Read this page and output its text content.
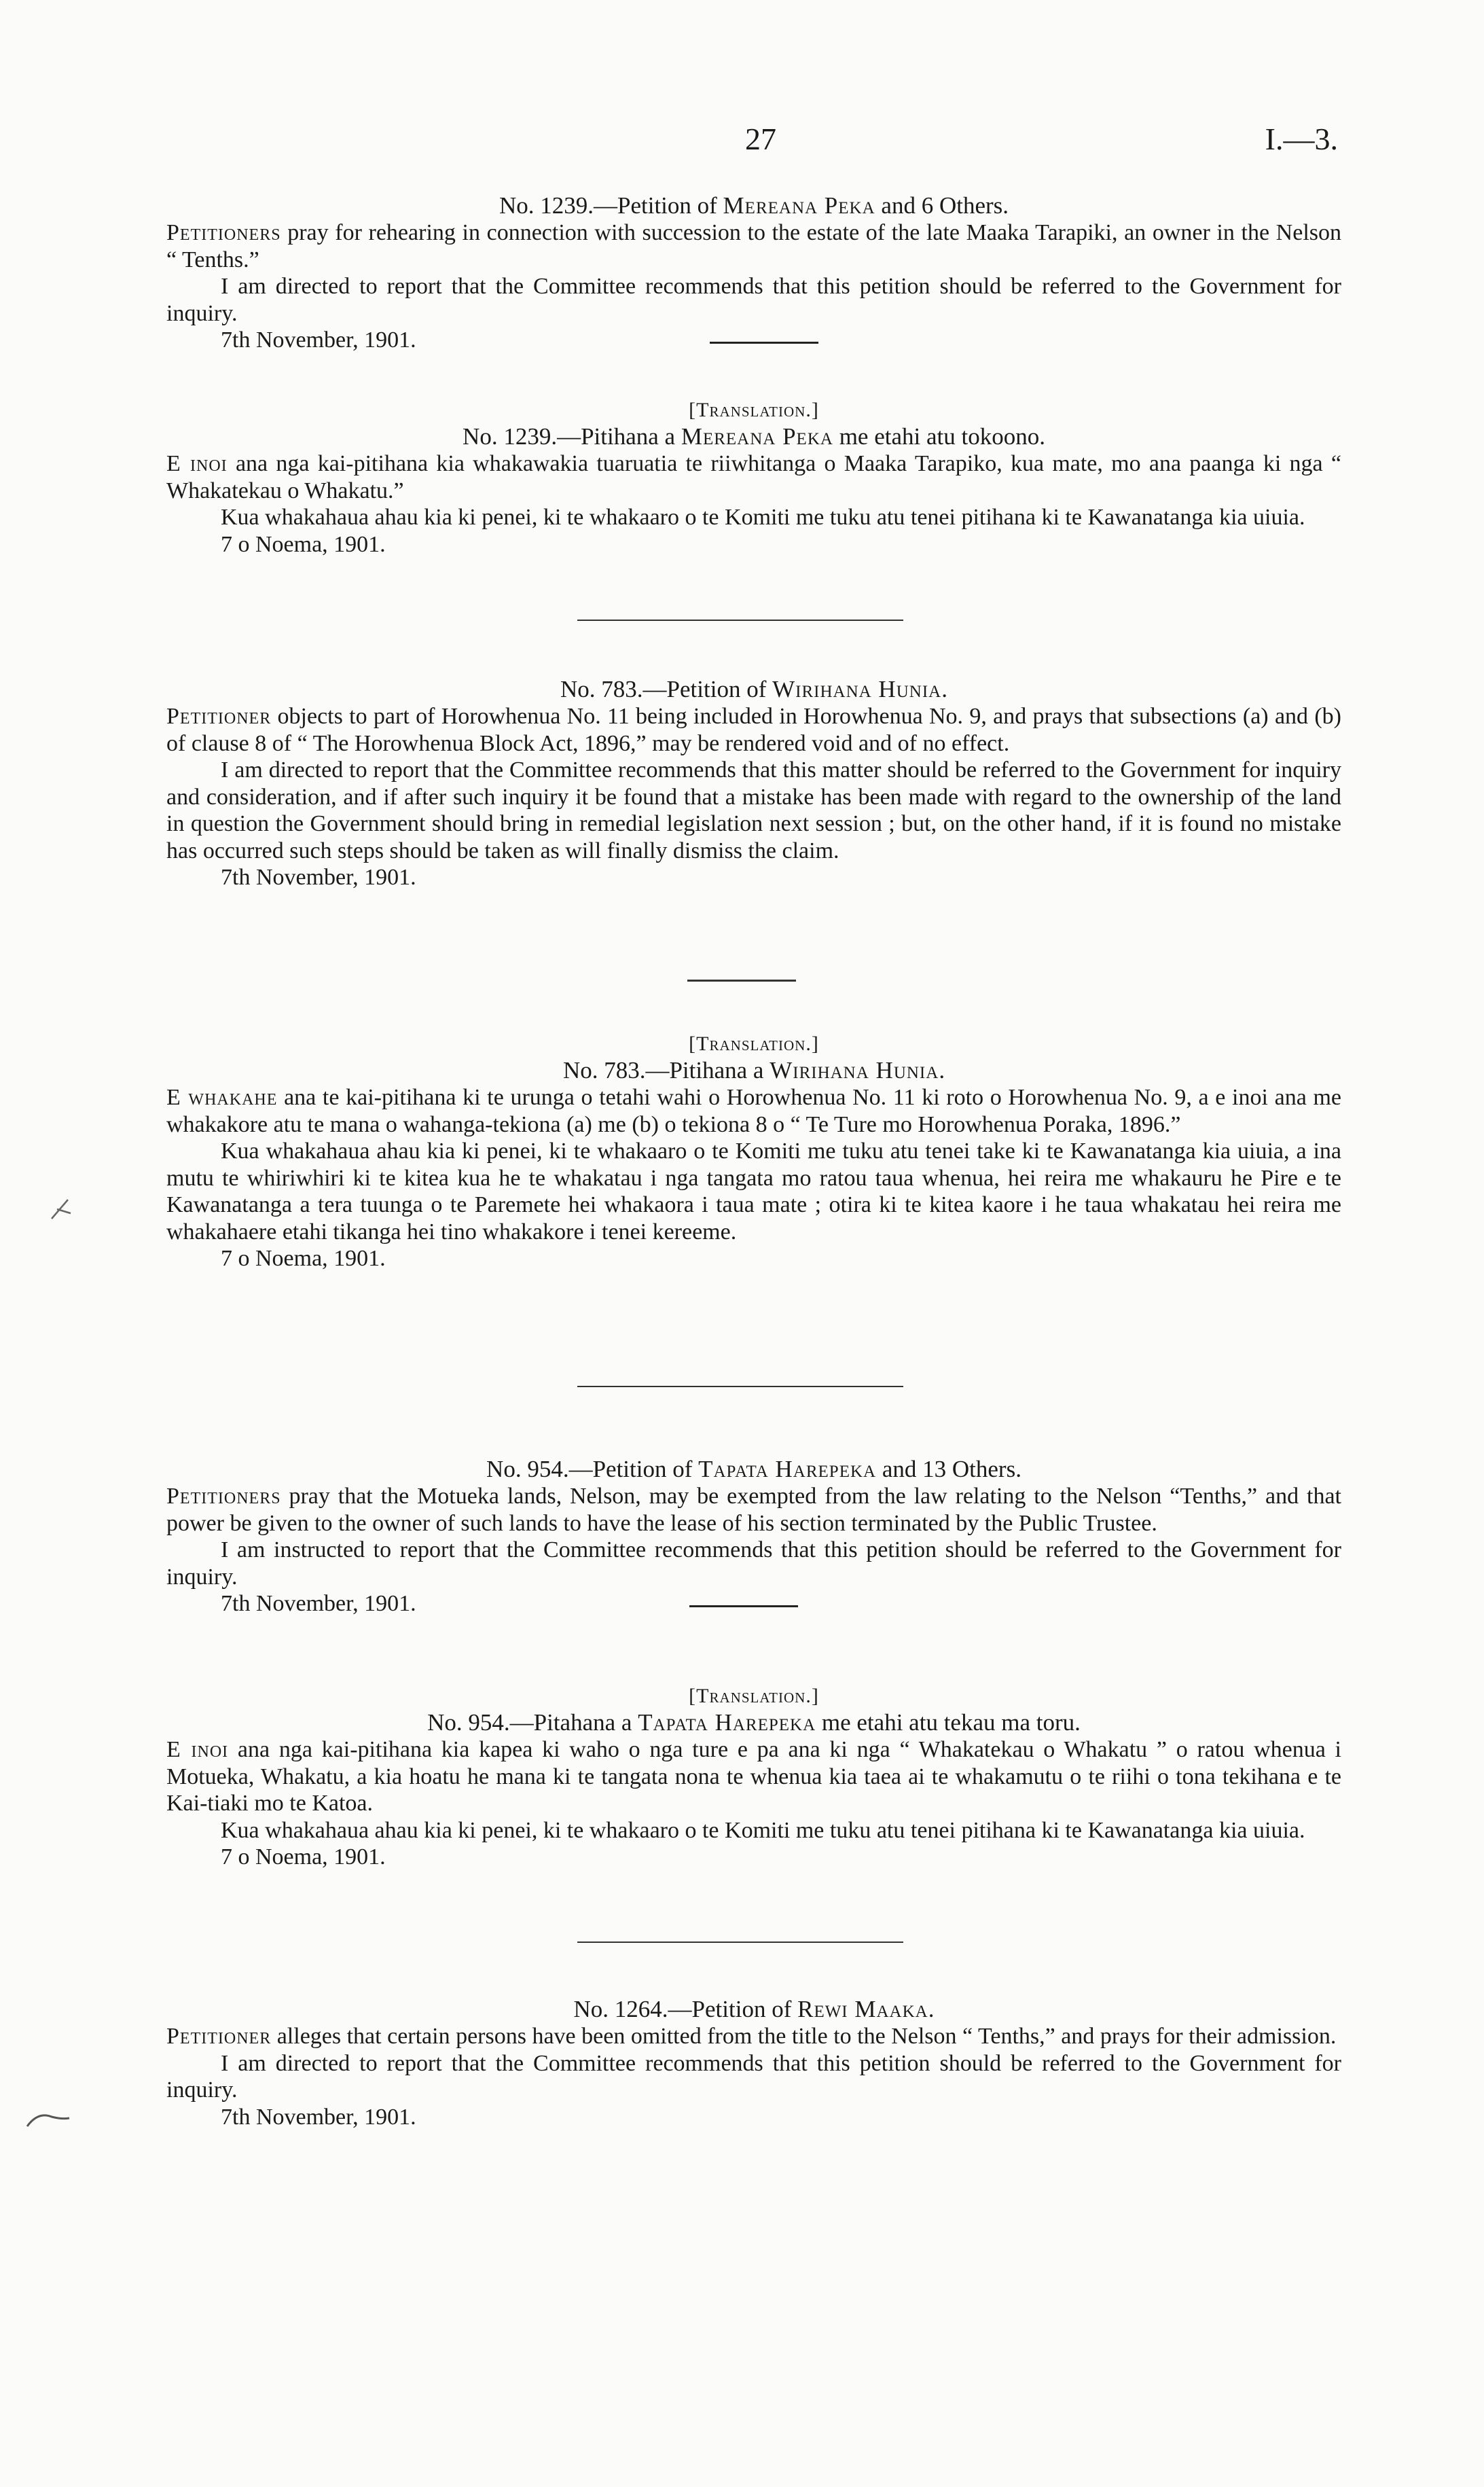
27	I.—3.

No. 1239.—Petition of Mereana Peka and 6 Others.

Petitioners pray for rehearing in connection with succession to the estate of the late Maaka Tarapiki, an owner in the Nelson “ Tenths.”

I am directed to report that the Committee recommends that this petition should be referred to the Government for inquiry.

7th November, 1901.

[Translation.]

No. 1239.—Pitihana a Mereana Peka me etahi atu tokoono.

E inoi ana nga kai-pitihana kia whakawakia tuaruatia te riiwhitanga o Maaka Tarapiko, kua mate, mo ana paanga ki nga “ Whakatekau o Whakatu.”

Kua whakahaua ahau kia ki penei, ki te whakaaro o te Komiti me tuku atu tenei pitihana ki te Kawanatanga kia uiuia.

7 o Noema, 1901.

No. 783.—Petition of Wirihana Hunia.

Petitioner objects to part of Horowhenua No. 11 being included in Horowhenua No. 9, and prays that subsections (a) and (b) of clause 8 of “ The Horowhenua Block Act, 1896,” may be rendered void and of no effect.

I am directed to report that the Committee recommends that this matter should be referred to the Government for inquiry and consideration, and if after such inquiry it be found that a mistake has been made with regard to the ownership of the land in question the Government should bring in remedial legislation next session ; but, on the other hand, if it is found no mistake has occurred such steps should be taken as will finally dismiss the claim.

7th November, 1901.

[Translation.]

No. 783.—Pitihana a Wirihana Hunia.

E whakahe ana te kai-pitihana ki te urunga o tetahi wahi o Horowhenua No. 11 ki roto o Horowhenua No. 9, a e inoi ana me whakakore atu te mana o wahanga-tekiona (a) me (b) o tekiona 8 o “ Te Ture mo Horowhenua Poraka, 1896.”

Kua whakahaua ahau kia ki penei, ki te whakaaro o te Komiti me tuku atu tenei take ki te Kawanatanga kia uiuia, a ina mutu te whiriwhiri ki te kitea kua he te whakatau i nga tangata mo ratou taua whenua, hei reira me whakauru he Pire e te Kawanatanga a tera tuunga o te Paremete hei whakaora i taua mate ; otira ki te kitea kaore i he taua whakatau hei reira me whakahaere etahi tikanga hei tino whakakore i tenei kereeme.

7 o Noema, 1901.

No. 954.—Petition of Tapata Harepeka and 13 Others.

Petitioners pray that the Motueka lands, Nelson, may be exempted from the law relating to the Nelson “Tenths,” and that power be given to the owner of such lands to have the lease of his section terminated by the Public Trustee.

I am instructed to report that the Committee recommends that this petition should be referred to the Government for inquiry.

7th November, 1901.

[Translation.]

No. 954.—Pitahana a Tapata Harepeka me etahi atu tekau ma toru.

E inoi ana nga kai-pitihana kia kapea ki waho o nga ture e pa ana ki nga “ Whakatekau o Whakatu ” o ratou whenua i Motueka, Whakatu, a kia hoatu he mana ki te tangata nona te whenua kia taea ai te whakamutu o te riihi o tona tekihana e te Kai-tiaki mo te Katoa.

Kua whakahaua ahau kia ki penei, ki te whakaaro o te Komiti me tuku atu tenei pitihana ki te Kawanatanga kia uiuia.

7 o Noema, 1901.

No. 1264.—Petition of Rewi Maaka.

Petitioner alleges that certain persons have been omitted from the title to the Nelson “ Tenths,” and prays for their admission.

I am directed to report that the Committee recommends that this petition should be referred to the Government for inquiry.

7th November, 1901.
